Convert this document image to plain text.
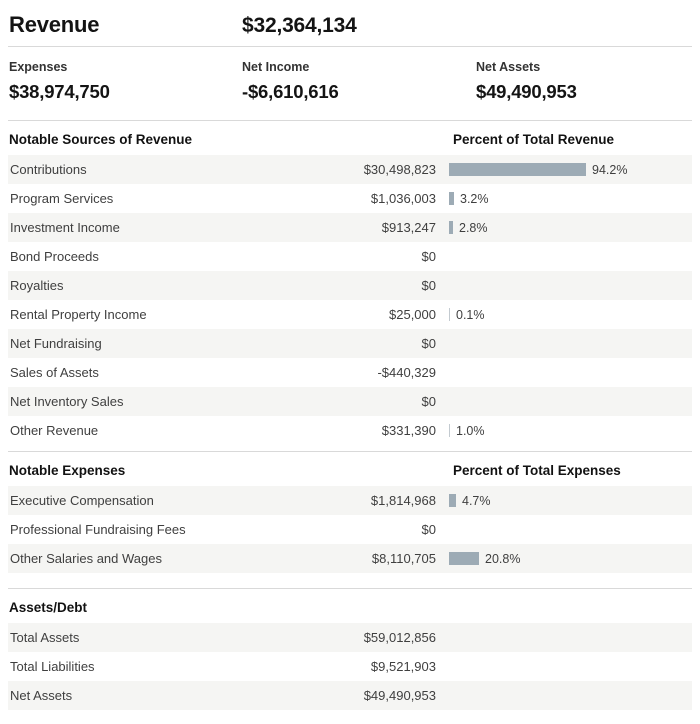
Revenue	$32,364,134
Expenses
$38,974,750
Net Income
-$6,610,616
Net Assets
$49,490,953
Notable Sources of Revenue	Percent of Total Revenue
Contributions	$30,498,823	94.2%
Program Services	$1,036,003	3.2%
Investment Income	$913,247	2.8%
Bond Proceeds	$0
Royalties	$0
Rental Property Income	$25,000	0.1%
Net Fundraising	$0
Sales of Assets	-$440,329
Net Inventory Sales	$0
Other Revenue	$331,390	1.0%
Notable Expenses	Percent of Total Expenses
Executive Compensation	$1,814,968	4.7%
Professional Fundraising Fees	$0
Other Salaries and Wages	$8,110,705	20.8%
Assets/Debt
Total Assets	$59,012,856
Total Liabilities	$9,521,903
Net Assets	$49,490,953
